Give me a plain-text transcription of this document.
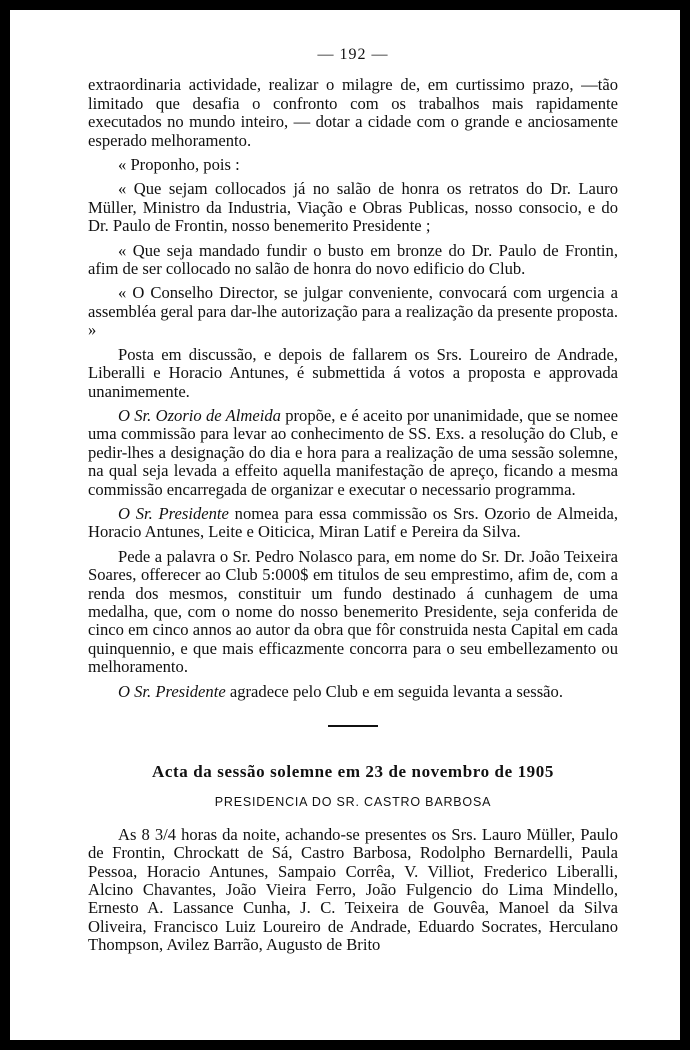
— 192 —

extraordinaria actividade, realizar o milagre de, em curtissimo prazo, —tão limitado que desafia o confronto com os trabalhos mais rapidamente executados no mundo inteiro, — dotar a cidade com o grande e anciosamente esperado melhoramento.

« Proponho, pois :

« Que sejam collocados já no salão de honra os retratos do Dr. Lauro Müller, Ministro da Industria, Viação e Obras Publicas, nosso consocio, e do Dr. Paulo de Frontin, nosso benemerito Presidente ;

« Que seja mandado fundir o busto em bronze do Dr. Paulo de Frontin, afim de ser collocado no salão de honra do novo edificio do Club.

« O Conselho Director, se julgar conveniente, convocará com urgencia a assembléa geral para dar-lhe autorização para a realização da presente proposta. »

Posta em discussão, e depois de fallarem os Srs. Loureiro de Andrade, Liberalli e Horacio Antunes, é submettida á votos a proposta e approvada unanimemente.

O Sr. Ozorio de Almeida propõe, e é aceito por unanimidade, que se nomee uma commissão para levar ao conhecimento de SS. Exs. a resolução do Club, e pedir-lhes a designação do dia e hora para a realização de uma sessão solemne, na qual seja levada a effeito aquella manifestação de apreço, ficando a mesma commissão encarregada de organizar e executar o necessario programma.

O Sr. Presidente nomea para essa commissão os Srs. Ozorio de Almeida, Horacio Antunes, Leite e Oiticica, Miran Latif e Pereira da Silva.

Pede a palavra o Sr. Pedro Nolasco para, em nome do Sr. Dr. João Teixeira Soares, offerecer ao Club 5:000$ em titulos de seu emprestimo, afim de, com a renda dos mesmos, constituir um fundo destinado á cunhagem de uma medalha, que, com o nome do nosso benemerito Presidente, seja conferida de cinco em cinco annos ao autor da obra que fôr construida nesta Capital em cada quinquennio, e que mais efficazmente concorra para o seu embellezamento ou melhoramento.

O Sr. Presidente agradece pelo Club e em seguida levanta a sessão.

Acta da sessão solemne em 23 de novembro de 1905
PRESIDENCIA DO SR. CASTRO BARBOSA

As 8 3/4 horas da noite, achando-se presentes os Srs. Lauro Müller, Paulo de Frontin, Chrockatt de Sá, Castro Barbosa, Rodolpho Bernardelli, Paula Pessoa, Horacio Antunes, Sampaio Corrêa, V. Villiot, Frederico Liberalli, Alcino Chavantes, João Vieira Ferro, João Fulgencio do Lima Mindello, Ernesto A. Lassance Cunha, J. C. Teixeira de Gouvêa, Manoel da Silva Oliveira, Francisco Luiz Loureiro de Andrade, Eduardo Socrates, Herculano Thompson, Avilez Barrão, Augusto de Brito
